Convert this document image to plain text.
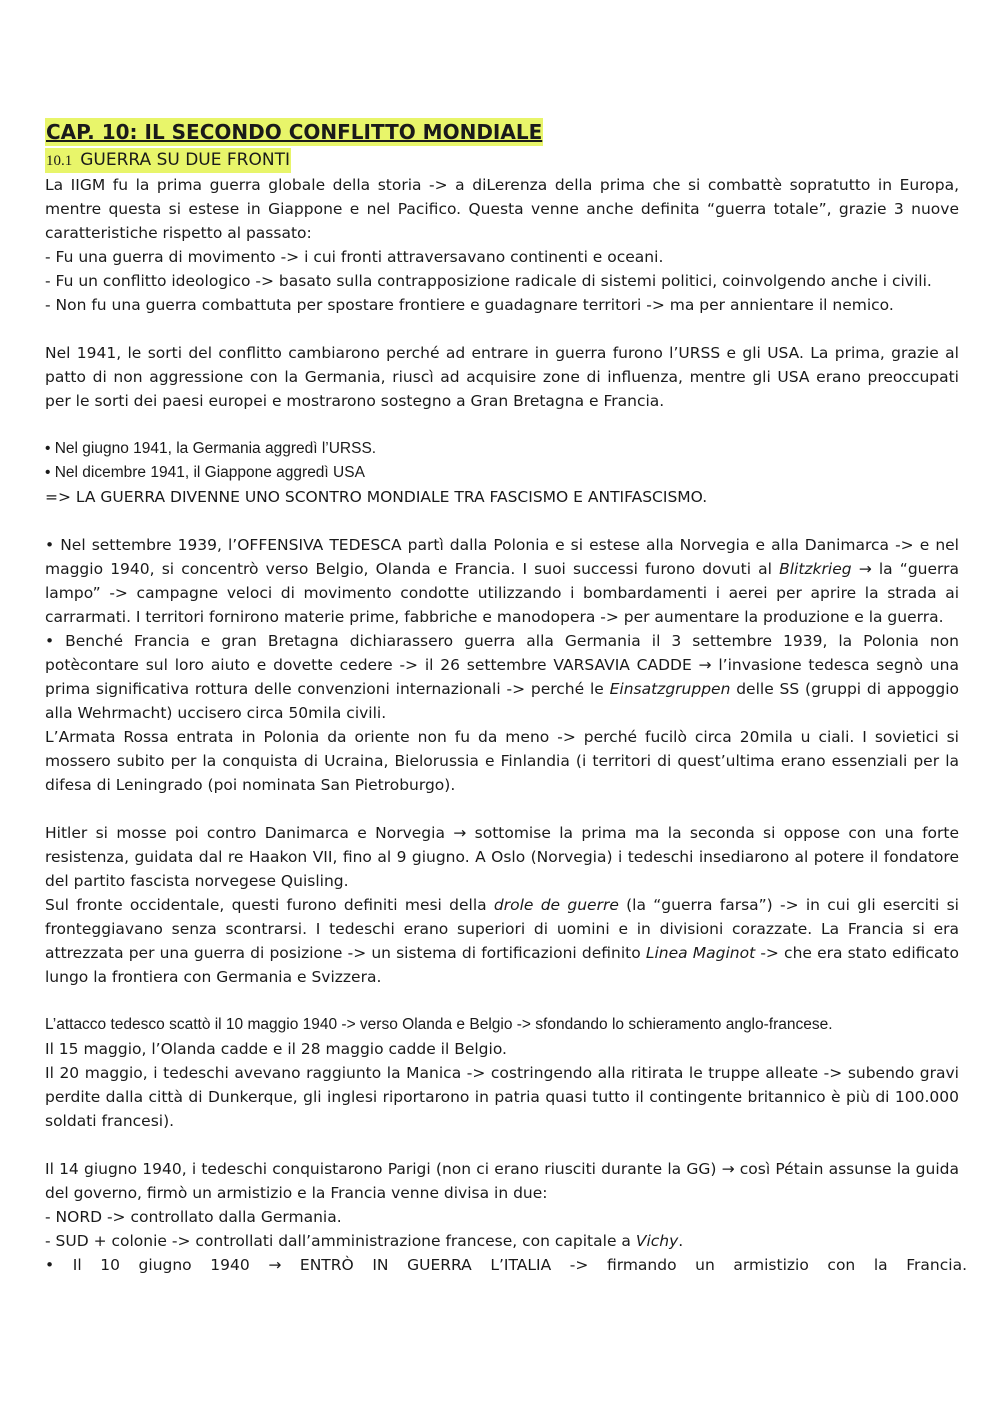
CAP. 10: IL SECONDO CONFLITTO MONDIALE
10.1 GUERRA SU DUE FRONTI

La IIGM fu la prima guerra globale della storia -> a diLerenza della prima che si combattè sopratutto in Europa, mentre questa si estese in Giappone e nel Pacifico. Questa venne anche definita “guerra totale”, grazie 3 nuove caratteristiche rispetto al passato:

- Fu una guerra di movimento -> i cui fronti attraversavano continenti e oceani.

- Fu un conflitto ideologico -> basato sulla contrapposizione radicale di sistemi politici, coinvolgendo anche i civili.

- Non fu una guerra combattuta per spostare frontiere e guadagnare territori -> ma per annientare il nemico.

Nel 1941, le sorti del conflitto cambiarono perché ad entrare in guerra furono l’URSS e gli USA. La prima, grazie al patto di non aggressione con la Germania, riuscì ad acquisire zone di influenza, mentre gli USA erano preoccupati per le sorti dei paesi europei e mostrarono sostegno a Gran Bretagna e Francia.

• Nel giugno 1941, la Germania aggredì l’URSS.

• Nel dicembre 1941, il Giappone aggredì USA

=> LA GUERRA DIVENNE UNO SCONTRO MONDIALE TRA FASCISMO E ANTIFASCISMO.

• Nel settembre 1939, l’OFFENSIVA TEDESCA partì dalla Polonia e si estese alla Norvegia e alla Danimarca -> e nel maggio 1940, si concentrò verso Belgio, Olanda e Francia. I suoi successi furono dovuti al Blitzkrieg → la “guerra lampo” -> campagne veloci di movimento condotte utilizzando i bombardamenti i aerei per aprire la strada ai carrarmati. I territori fornirono materie prime, fabbriche e manodopera -> per aumentare la produzione e la guerra.

• Benché Francia e gran Bretagna dichiarassero guerra alla Germania il 3 settembre 1939, la Polonia non potècontare sul loro aiuto e dovette cedere -> il 26 settembre VARSAVIA CADDE → l’invasione tedesca segnò una prima significativa rottura delle convenzioni internazionali -> perché le Einsatzgruppen delle SS (gruppi di appoggio alla Wehrmacht) uccisero circa 50mila civili.

L’Armata Rossa entrata in Polonia da oriente non fu da meno -> perché fucilò circa 20mila u ciali. I sovietici si mossero subito per la conquista di Ucraina, Bielorussia e Finlandia (i territori di quest’ultima erano essenziali per la difesa di Leningrado (poi nominata San Pietroburgo).

Hitler si mosse poi contro Danimarca e Norvegia → sottomise la prima ma la seconda si oppose con una forte resistenza, guidata dal re Haakon VII, fino al 9 giugno. A Oslo (Norvegia) i tedeschi insediarono al potere il fondatore del partito fascista norvegese Quisling.

Sul fronte occidentale, questi furono definiti mesi della drole de guerre (la “guerra farsa”) -> in cui gli eserciti si fronteggiavano senza scontrarsi. I tedeschi erano superiori di uomini e in divisioni corazzate. La Francia si era attrezzata per una guerra di posizione -> un sistema di fortificazioni definito Linea Maginot -> che era stato edificato lungo la frontiera con Germania e Svizzera.

L’attacco tedesco scattò il 10 maggio 1940 -> verso Olanda e Belgio -> sfondando lo schieramento anglo-francese.

Il 15 maggio, l’Olanda cadde e il 28 maggio cadde il Belgio.

Il 20 maggio, i tedeschi avevano raggiunto la Manica -> costringendo alla ritirata le truppe alleate -> subendo gravi perdite dalla città di Dunkerque, gli inglesi riportarono in patria quasi tutto il contingente britannico è più di 100.000 soldati francesi).

Il 14 giugno 1940, i tedeschi conquistarono Parigi (non ci erano riusciti durante la GG) → così Pétain assunse la guida del governo, firmò un armistizio e la Francia venne divisa in due:

- NORD -> controllato dalla Germania.

- SUD + colonie -> controllati dall’amministrazione francese, con capitale a Vichy.

• Il 10 giugno 1940 → ENTRÒ IN GUERRA L’ITALIA -> firmando un armistizio con la Francia.
